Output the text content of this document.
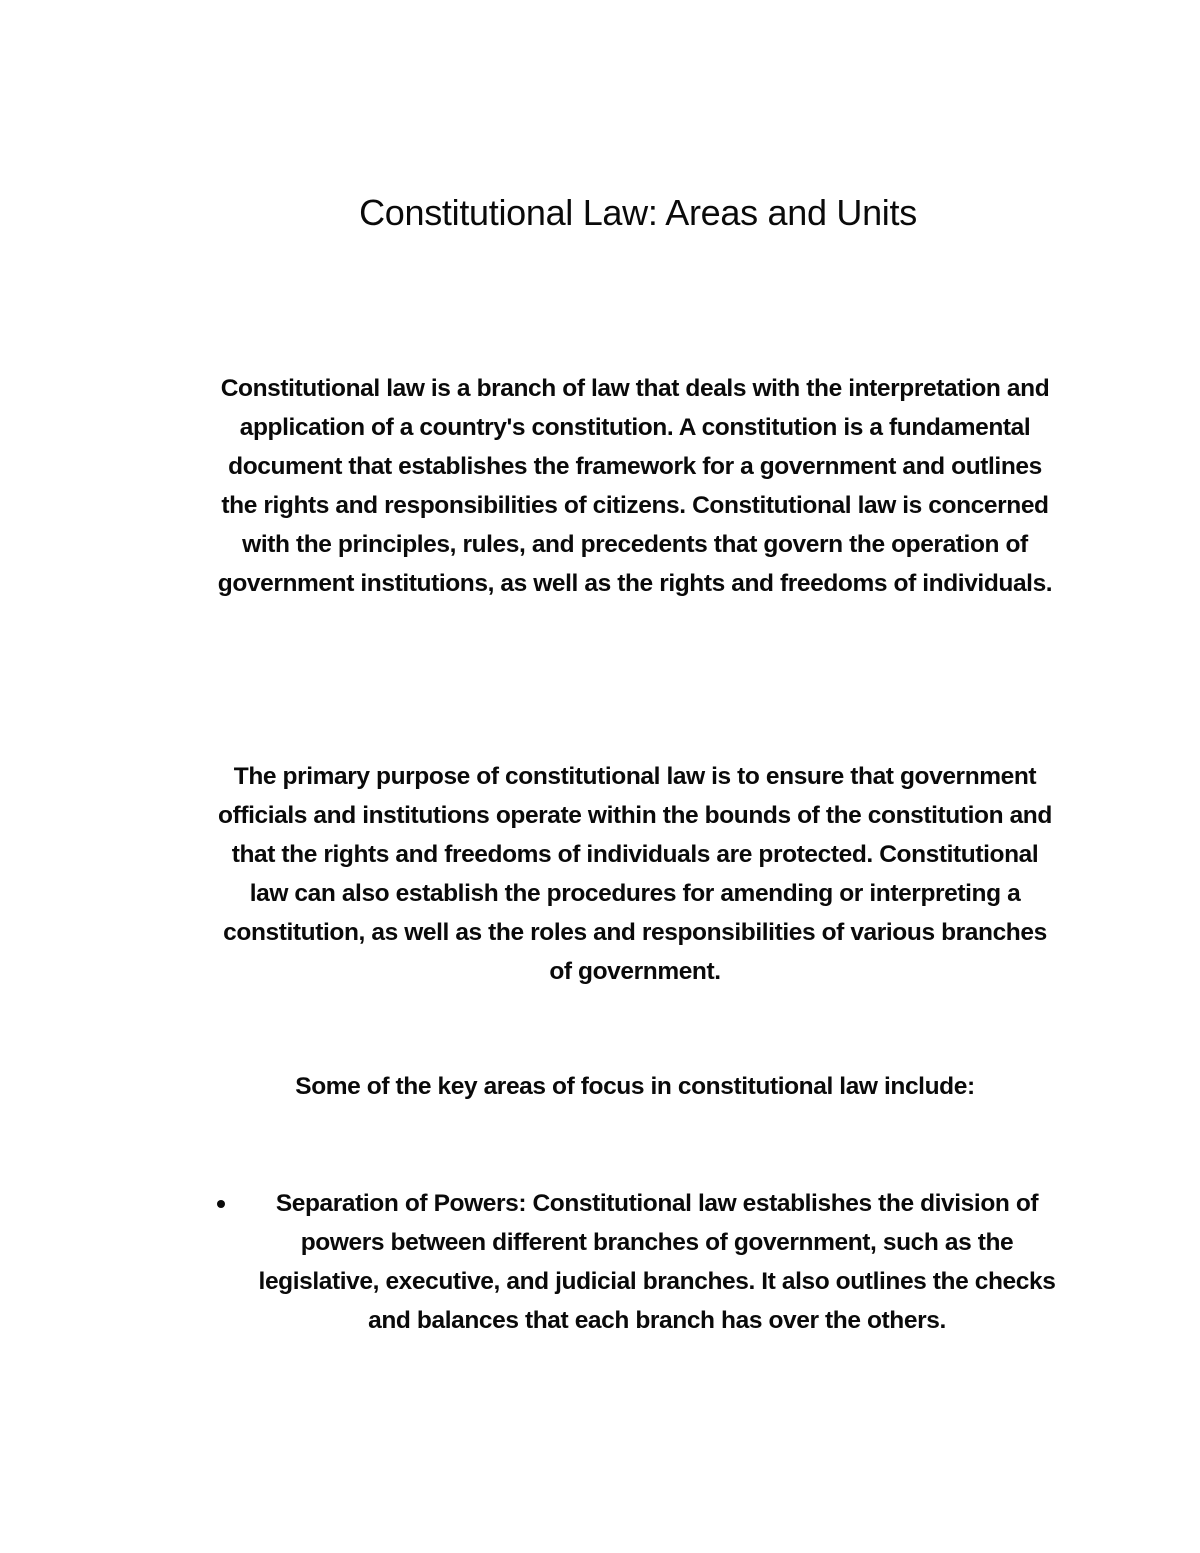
Constitutional Law: Areas and Units

Constitutional law is a branch of law that deals with the interpretation and application of a country's constitution. A constitution is a fundamental document that establishes the framework for a government and outlines the rights and responsibilities of citizens. Constitutional law is concerned with the principles, rules, and precedents that govern the operation of government institutions, as well as the rights and freedoms of individuals.

The primary purpose of constitutional law is to ensure that government officials and institutions operate within the bounds of the constitution and that the rights and freedoms of individuals are protected. Constitutional law can also establish the procedures for amending or interpreting a constitution, as well as the roles and responsibilities of various branches of government.

Some of the key areas of focus in constitutional law include:

Separation of Powers: Constitutional law establishes the division of powers between different branches of government, such as the legislative, executive, and judicial branches. It also outlines the checks and balances that each branch has over the others.
